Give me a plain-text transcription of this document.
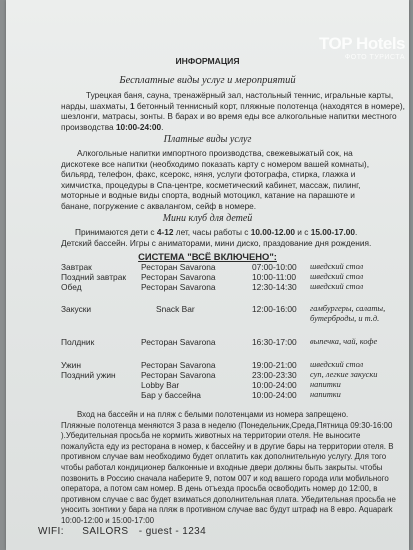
ИНФОРМАЦИЯ
Бесплатные виды услуг и мероприятий
Турецкая баня, сауна, тренажёрный зал, настольный теннис, игральные карты,
нарды, шахматы, 1 бетонный теннисный корт, пляжные полотенца (находятся в номере),
шезлонги, матрасы, зонты. В барах и во время еды все алкогольные напитки местного
производства 10:00-24:00.
Платные виды услуг
Алкогольные напитки импортного производства, свежевыжатый сок, на
дискотеке все напитки (необходимо показать карту с номером вашей комнаты),
бильярд, телефон, факс, ксерокс, няня, услуги фотографа, стирка, глажка и
химчистка, процедуры в Спа-центре, косметический кабинет, массаж, пилинг,
моторные и водные виды спорта, водный мотоцикл, катание на парашюте и
банане, погружение с аквалангом, сейф в номере.
Мини клуб для детей
Принимаются дети с 4-12 лет, часы работы с 10.00-12.00 и с 15.00-17.00.
Детский бассейн. Игры с аниматорами, мини диско, праздование дня рождения.
СИСТЕМА "ВСЁ ВКЛЮЧЕНО":
Завтрак	Ресторан Savarona	07:00-10:00 шведский стол
Поздний завтрак Ресторан Savarona	10:00-11:00 шведский стол
Обед	Ресторан Savarona	12:30-14:30 шведский стол
Закуски	Snack Bar	12:00-16:00 гамбургеры, салаты,
бутерброды, и т.д.
Полдник	Ресторан Savarona	16:30-17:00 выпечка, чай, кофе
Ужин	Ресторан Savarona	19:00-21:00 шведский стол
Поздний ужин	Ресторан Savarona	23:00-23:30 суп, легкие закуски
Lobby Bar	10:00-24:00 напитки
Бар у бассейна	10:00-24:00 напитки
Вход на бассейн и на пляж с белыми полотенцами из номера запрещено.
Пляжные полотенца меняются 3 раза в неделю (Понедельник,Среда,Пятница 09:30-16:00
).Убедительная просьба не кормить животных на территории отеля. Не выносите
пожалуйста еду из ресторана в номер, к бассейну и в другие бары на территории отеля. В
противном случае вам необходимо будет оплатить как дополнительную услугу. Для того
чтобы работал кондиционер балконные и входные двери должны быть закрыты. чтобы
позвонить в Россию сначала наберите 9, потом 007 и код вашего города или мобильного
оператора, а потом сам номер. В день отъезда просьба освободить номер до 12:00, в
противном случае с вас будет взиматься дополнительная плата. Убедительная просьба не
уносить зонтики у бара на пляж в противном случае вас будут штраф на 8 евро. Aquapark
10:00-12:00 и 15:00-17:00
WIFI: SAILORS - guest - 1234
TOP Hotels
ФОТО ТУРИСТА
